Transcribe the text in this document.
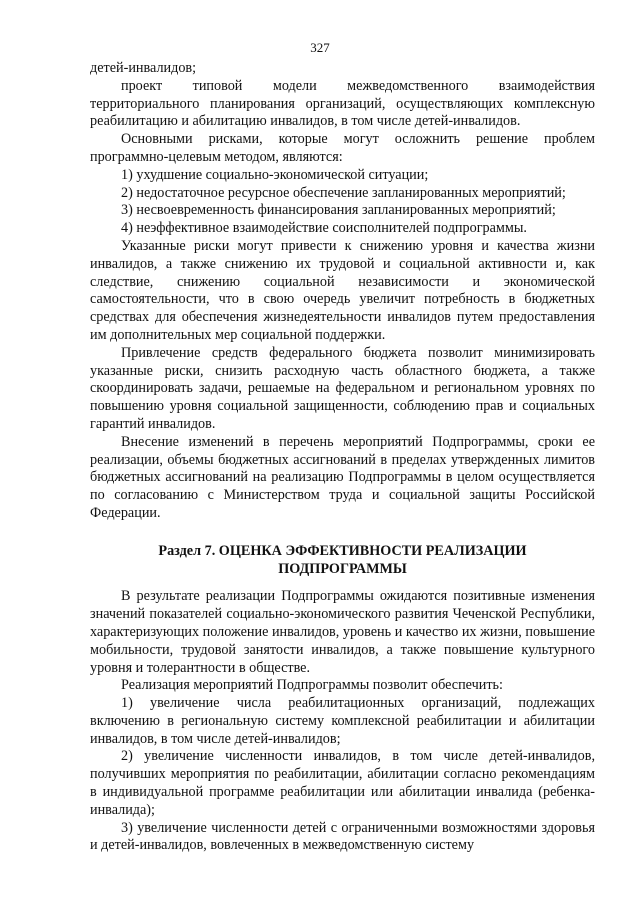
327

детей-инвалидов;

проект типовой модели межведомственного взаимодействия территориального планирования организаций, осуществляющих комплексную реабилитацию и абилитацию инвалидов, в том числе детей-инвалидов.

Основными рисками, которые могут осложнить решение проблем программно-целевым методом, являются:

1) ухудшение социально-экономической ситуации;

2) недостаточное ресурсное обеспечение запланированных мероприятий;

3) несвоевременность финансирования запланированных мероприятий;

4) неэффективное взаимодействие соисполнителей подпрограммы.

Указанные риски могут привести к снижению уровня и качества жизни инвалидов, а также снижению их трудовой и социальной активности и, как следствие, снижению социальной независимости и экономической самостоятельности, что в свою очередь увеличит потребность в бюджетных средствах для обеспечения жизнедеятельности инвалидов путем предоставления им дополнительных мер социальной поддержки.

Привлечение средств федерального бюджета позволит минимизировать указанные риски, снизить расходную часть областного бюджета, а также скоординировать задачи, решаемые на федеральном и региональном уровнях по повышению уровня социальной защищенности, соблюдению прав и социальных гарантий инвалидов.

Внесение изменений в перечень мероприятий Подпрограммы, сроки ее реализации, объемы бюджетных ассигнований в пределах утвержденных лимитов бюджетных ассигнований на реализацию Подпрограммы в целом осуществляется по согласованию с Министерством труда и социальной защиты Российской Федерации.

Раздел 7. ОЦЕНКА ЭФФЕКТИВНОСТИ РЕАЛИЗАЦИИ
ПОДПРОГРАММЫ

В результате реализации Подпрограммы ожидаются позитивные изменения значений показателей социально-экономического развития Чеченской Республики, характеризующих положение инвалидов, уровень и качество их жизни, повышение мобильности, трудовой занятости инвалидов, а также повышение культурного уровня и толерантности в обществе.

Реализация мероприятий Подпрограммы позволит обеспечить:

1) увеличение числа реабилитационных организаций, подлежащих включению в региональную систему комплексной реабилитации и абилитации инвалидов, в том числе детей-инвалидов;

2) увеличение численности инвалидов, в том числе детей-инвалидов, получивших мероприятия по реабилитации, абилитации согласно рекомендациям в индивидуальной программе реабилитации или абилитации инвалида (ребенка-инвалида);

3) увеличение численности детей с ограниченными возможностями здоровья и детей-инвалидов, вовлеченных в межведомственную систему
